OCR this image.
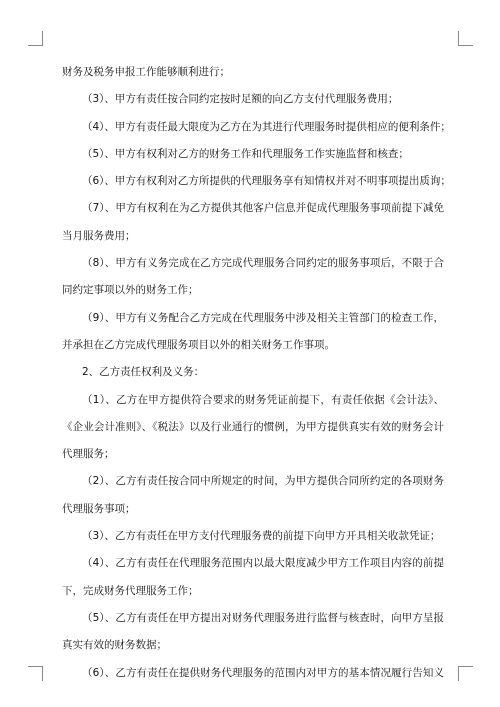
财务及税务申报工作能够顺利进行；
（3）、甲方有责任按合同约定按时足额的向乙方支付代理服务费用；
（4）、甲方有责任最大限度为乙方在为其进行代理服务时提供相应的便利条件；
（5）、甲方有权利对乙方的财务工作和代理服务工作实施监督和核查；
（6）、甲方有权利对乙方所提供的代理服务享有知情权并对不明事项提出质询；
（7）、甲方有权利在为乙方提供其他客户信息并促成代理服务事项前提下减免
当月服务费用；
（8）、甲方有义务完成在乙方完成代理服务合同约定的服务事项后，不限于合
同约定事项以外的财务工作；
（9）、甲方有义务配合乙方完成在代理服务中涉及相关主管部门的检查工作，
并承担在乙方完成代理服务项目以外的相关财务工作事项。
2、乙方责任权利及义务：
（1）、乙方在甲方提供符合要求的财务凭证前提下，有责任依据《会计法》、
《企业会计准则》、《税法》以及行业通行的惯例，为甲方提供真实有效的财务会计
代理服务；
（2）、乙方有责任按合同中所规定的时间，为甲方提供合同所约定的各项财务
代理服务事项；
（3）、乙方有责任在甲方支付代理服务费的前提下向甲方开具相关收款凭证；
（4）、乙方有责任在代理服务范围内以最大限度减少甲方工作项目内容的前提
下，完成财务代理服务工作；
（5）、乙方有责任在甲方提出对财务代理服务进行监督与核查时，向甲方呈报
真实有效的财务数据；
（6）、乙方有责任在提供财务代理服务的范围内对甲方的基本情况履行告知义
